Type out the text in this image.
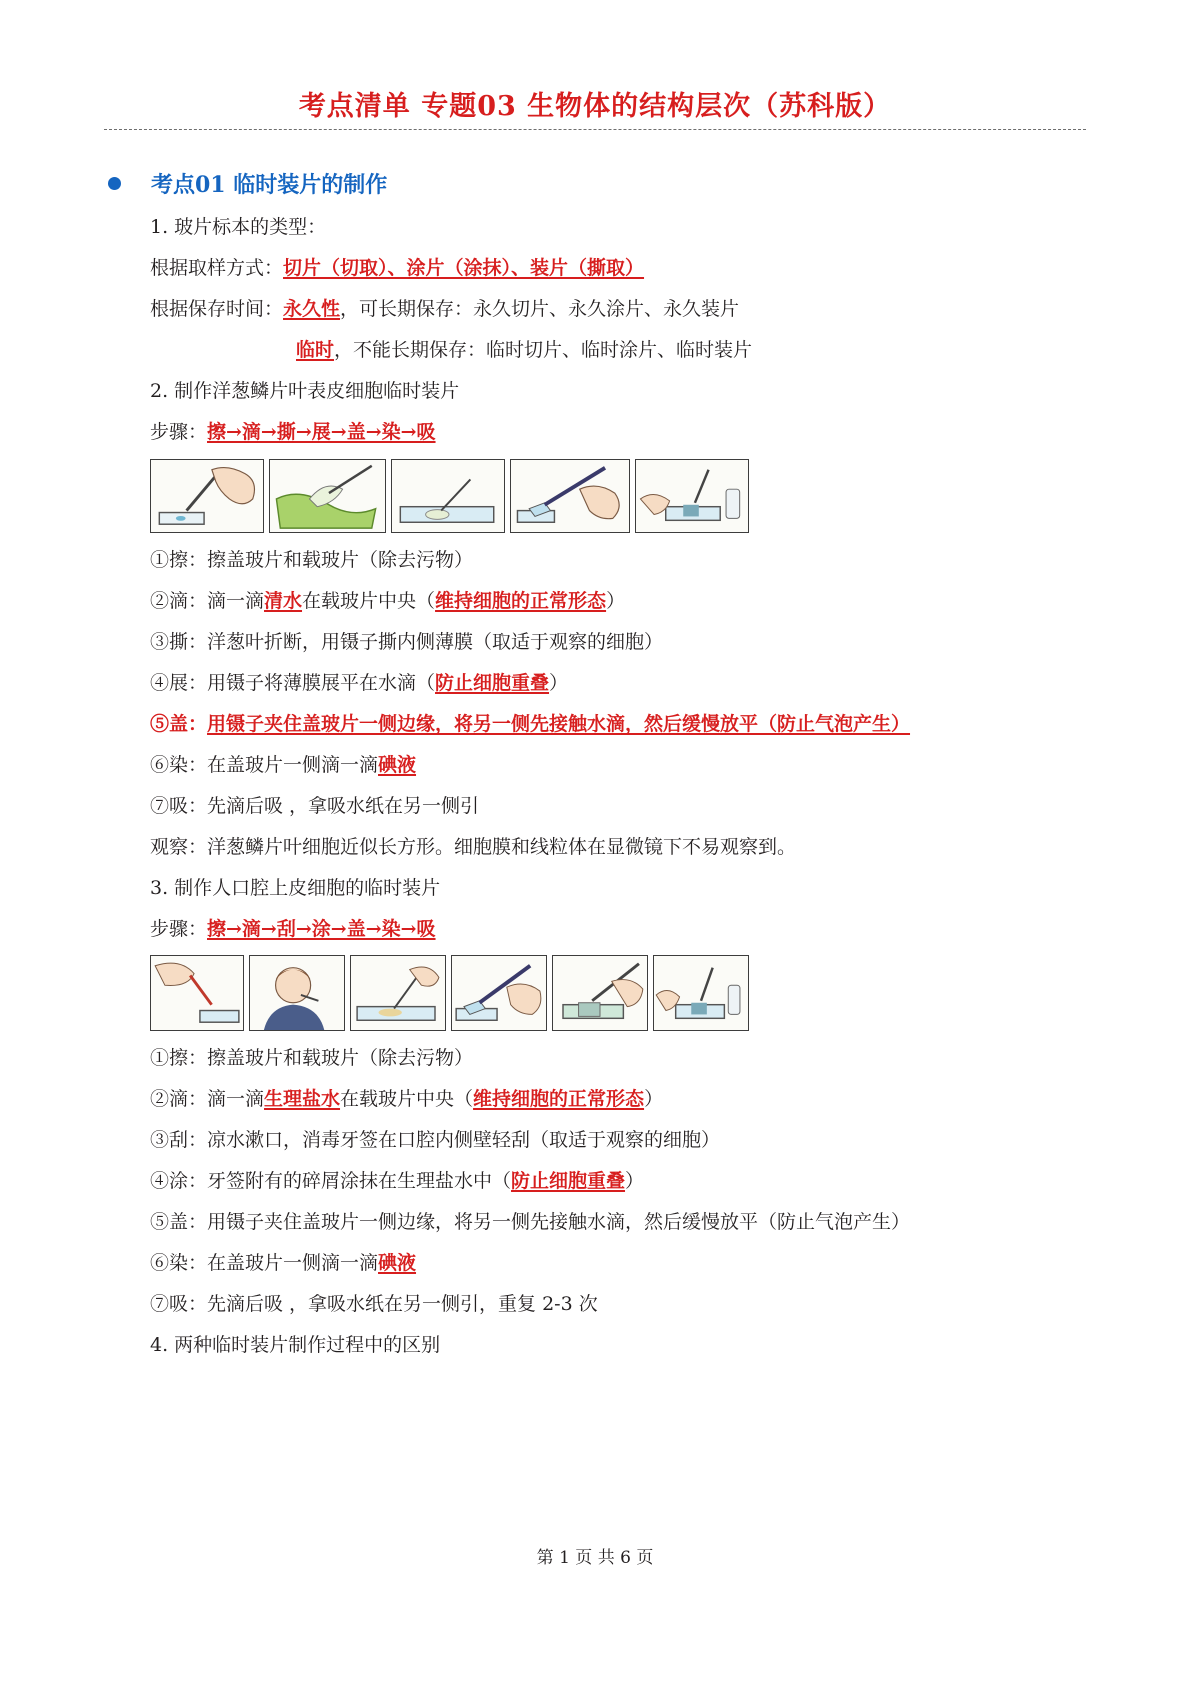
考点清单 专题03 生物体的结构层次（苏科版）
考点01 临时装片的制作
1. 玻片标本的类型：
根据取样方式：切片（切取）、涂片（涂抹）、装片（撕取）
根据保存时间：永久性，可长期保存：永久切片、永久涂片、永久装片
临时，不能长期保存：临时切片、临时涂片、临时装片
2. 制作洋葱鳞片叶表皮细胞临时装片
步骤：擦→滴→撕→展→盖→染→吸
①擦：擦盖玻片和载玻片（除去污物）
②滴：滴一滴清水在载玻片中央（维持细胞的正常形态）
③撕：洋葱叶折断，用镊子撕内侧薄膜（取适于观察的细胞）
④展：用镊子将薄膜展平在水滴（防止细胞重叠）
⑤盖：用镊子夹住盖玻片一侧边缘，将另一侧先接触水滴，然后缓慢放平（防止气泡产生）
⑥染：在盖玻片一侧滴一滴碘液
⑦吸：先滴后吸 ，拿吸水纸在另一侧引
观察：洋葱鳞片叶细胞近似长方形。细胞膜和线粒体在显微镜下不易观察到。
3. 制作人口腔上皮细胞的临时装片
步骤：擦→滴→刮→涂→盖→染→吸
①擦：擦盖玻片和载玻片（除去污物）
②滴：滴一滴生理盐水在载玻片中央（维持细胞的正常形态）
③刮：凉水漱口，消毒牙签在口腔内侧壁轻刮（取适于观察的细胞）
④涂：牙签附有的碎屑涂抹在生理盐水中（防止细胞重叠）
⑤盖：用镊子夹住盖玻片一侧边缘，将另一侧先接触水滴，然后缓慢放平（防止气泡产生）
⑥染：在盖玻片一侧滴一滴碘液
⑦吸：先滴后吸 ，拿吸水纸在另一侧引，重复 2-3 次
4. 两种临时装片制作过程中的区别
第 1 页 共 6 页
